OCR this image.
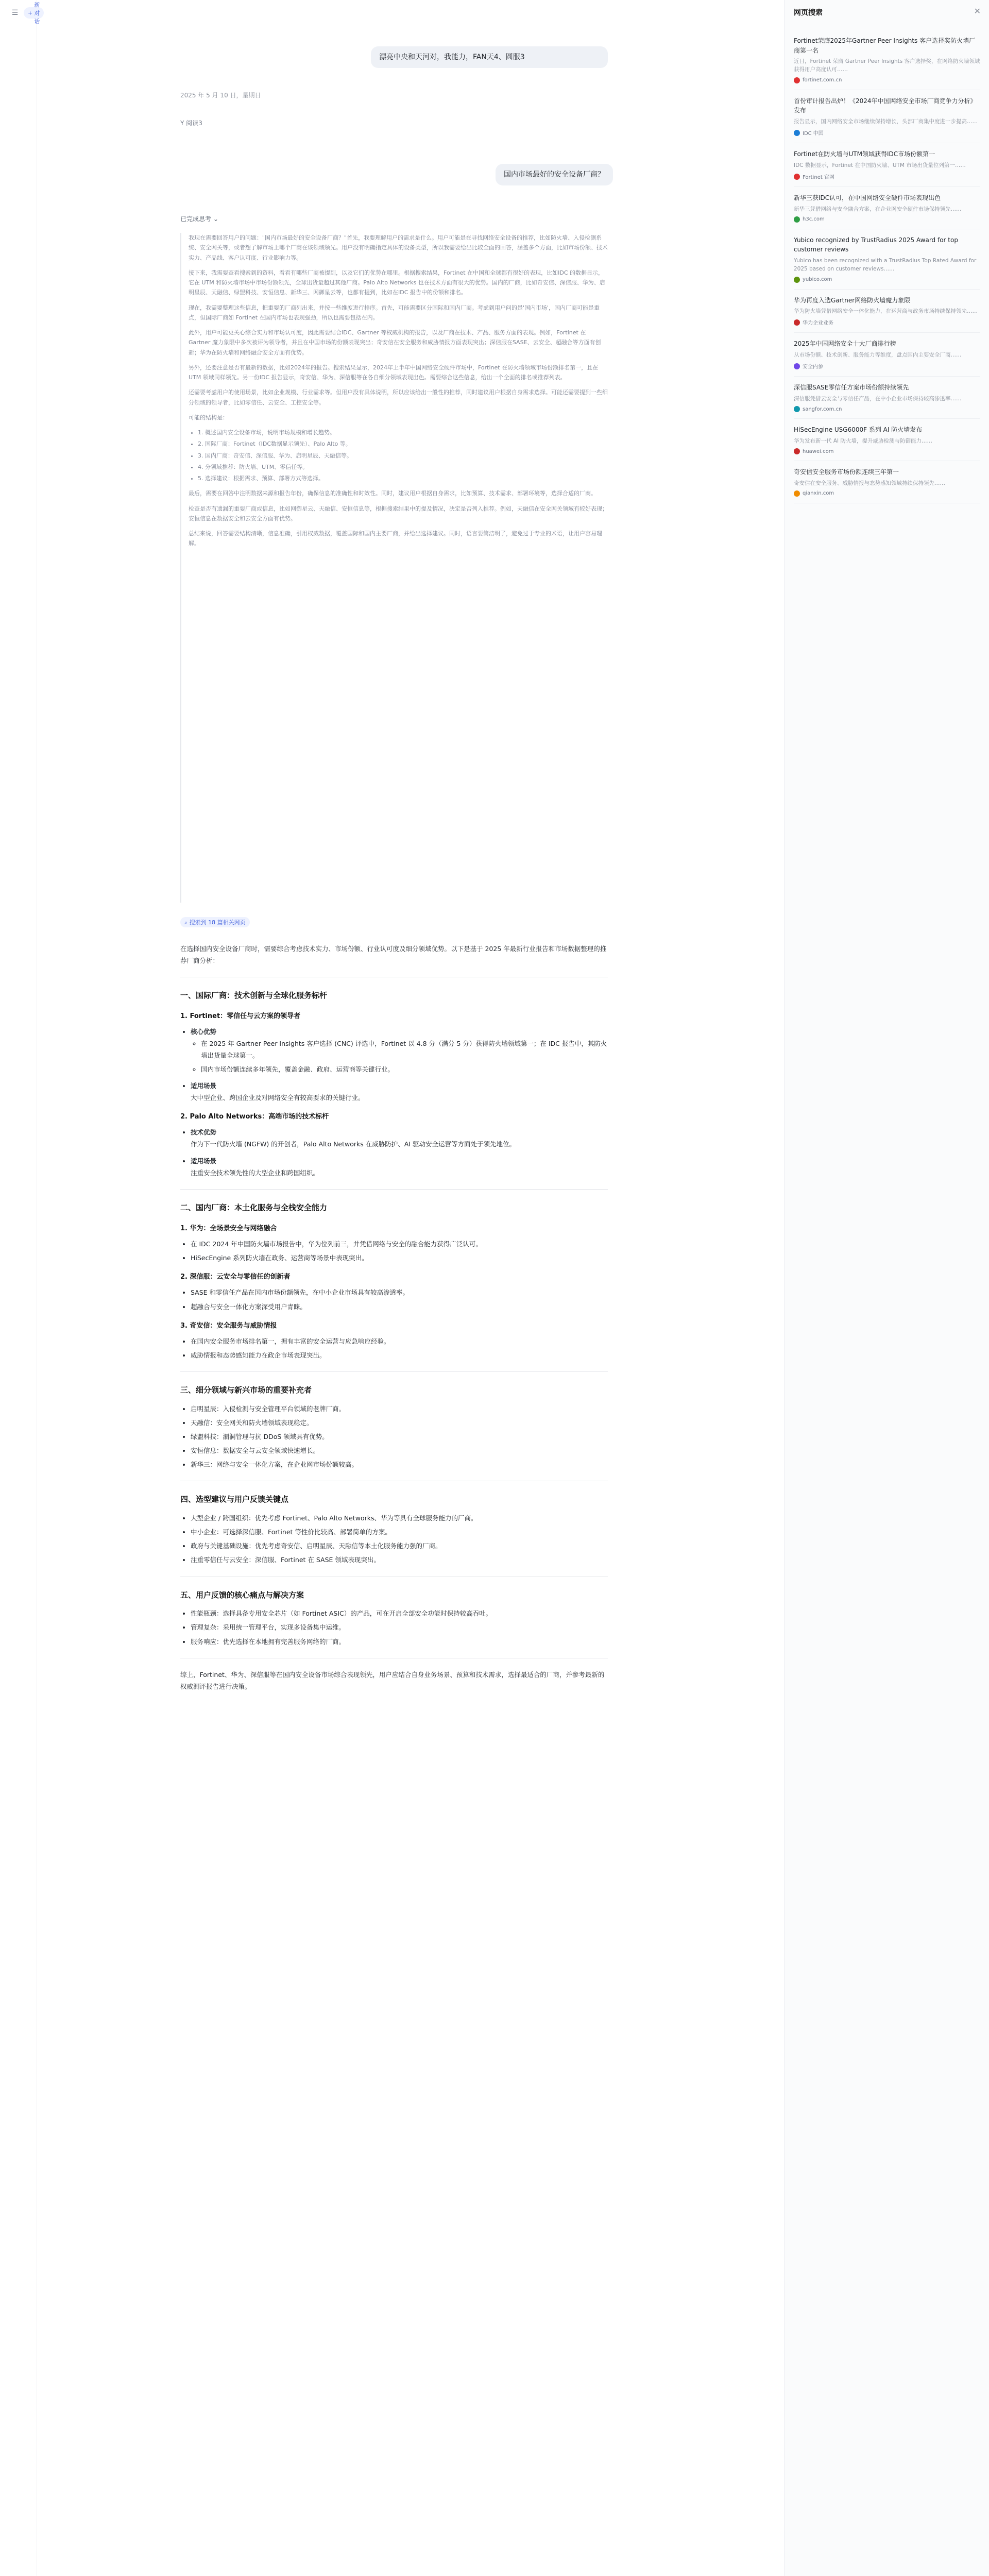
☰	+
新对话
漂亮中央和天河对，我能力，FAN天4、圆服3
2025 年 5 月 10 日，星期日
Y 阅读3
国内市场最好的安全设备厂商？
已完成思考 ⌄

我现在需要回答用户的问题："国内市场最好的安全设备厂商？"首先，我要理解用户的需求是什么。用户可能是在寻找网络安全设备的推荐，比如防火墙、入侵检测系统、安全网关等，或者想了解市场上哪个厂商在该领域领先。用户没有明确指定具体的设备类型，所以我需要给出比较全面的回答，涵盖多个方面，比如市场份额、技术实力、产品线、客户认可度、行业影响力等。

接下来，我需要查看搜索到的资料，看看有哪些厂商被提到，以及它们的优势在哪里。根据搜索结果，Fortinet 在中国和全球都有很好的表现，比如IDC 的数据显示，它在 UTM 和防火墙市场中市场份额领先，全球出货量超过其他厂商。Palo Alto Networks 也在技术方面有很大的优势。国内的厂商，比如奇安信、深信服、华为、启明星辰、天融信、绿盟科技、安恒信息、新华三、网御星云等，也都有提到，比如在IDC 报告中的份额和排名。

现在，我需要整理这些信息，把重要的厂商列出来，并按一些维度进行排序。首先，可能需要区分国际和国内厂商。考虑到用户问的是'国内市场'，国内厂商可能是重点，但国际厂商如 Fortinet 在国内市场也表现强劲，所以也需要包括在内。

此外，用户可能更关心综合实力和市场认可度，因此需要结合IDC、Gartner 等权威机构的报告，以及厂商在技术、产品、服务方面的表现。例如，Fortinet 在 Gartner 魔力象限中多次被评为领导者，并且在中国市场的份额表现突出；奇安信在安全服务和威胁情报方面表现突出；深信服在SASE、云安全、超融合等方面有创新；华为在防火墙和网络融合安全方面有优势。

另外，还要注意是否有最新的数据，比如2024年的报告。搜索结果显示，2024年上半年中国网络安全硬件市场中，Fortinet 在防火墙领域市场份额排名第一，且在UTM 领域同样领先。另一份IDC 报告显示，奇安信、华为、深信服等在各自细分领域表现出色。需要综合这些信息，给出一个全面的排名或推荐列表。

还需要考虑用户的使用场景，比如企业规模、行业需求等。但用户没有具体说明，所以应该给出一般性的推荐，同时建议用户根据自身需求选择。可能还需要提到一些细分领域的领导者，比如零信任、云安全、工控安全等。

可能的结构是：

• 1. 概述国内安全设备市场，说明市场规模和增长趋势。
• 2. 国际厂商：Fortinet（IDC数据显示领先）、Palo Alto 等。
• 3. 国内厂商：奇安信、深信服、华为、启明星辰、天融信等。
• 4. 分领域推荐：防火墙、UTM、零信任等。
• 5. 选择建议：根据需求、预算、部署方式等选择。

最后，需要在回答中注明数据来源和报告年份，确保信息的准确性和时效性。同时，建议用户根据自身需求，比如预算、技术需求、部署环境等，选择合适的厂商。

检查是否有遗漏的重要厂商或信息，比如网御星云、天融信、安恒信息等，根据搜索结果中的提及情况，决定是否列入推荐。例如，天融信在安全网关领域有较好表现；安恒信息在数据安全和云安全方面有优势。

总结来说，回答需要结构清晰，信息准确，引用权威数据，覆盖国际和国内主要厂商，并给出选择建议。同时，语言要简洁明了，避免过于专业的术语，让用户容易理解。

⌕ 搜索到 18 篇相关网页

在选择国内安全设备厂商时，需要综合考虑技术实力、市场份额、行业认可度及细分领域优势。以下是基于 2025 年最新行业报告和市场数据整理的推荐厂商分析：

一、国际厂商：技术创新与全球化服务标杆
1. Fortinet：零信任与云方案的领导者
• 核心优势
◦ 在 2025 年 Gartner Peer Insights 客户选择 (CNC) 评选中，Fortinet 以 4.8 分（满分 5 分）获得防火墙领域第一；在 IDC 报告中，其防火墙出货量全球第一。
◦ 国内市场份额连续多年领先，覆盖金融、政府、运营商等关键行业。
• 适用场景

大中型企业、跨国企业及对网络安全有较高要求的关键行业。

2. Palo Alto Networks：高端市场的技术标杆
• 技术优势

作为下一代防火墙 (NGFW) 的开创者，Palo Alto Networks 在威胁防护、AI 驱动安全运营等方面处于领先地位。

• 适用场景

注重安全技术领先性的大型企业和跨国组织。

二、国内厂商：本土化服务与全栈安全能力
1. 华为：全场景安全与网络融合
• 在 IDC 2024 年中国防火墙市场报告中，华为位列前三，并凭借网络与安全的融合能力获得广泛认可。
• HiSecEngine 系列防火墙在政务、运营商等场景中表现突出。
2. 深信服：云安全与零信任的创新者
• SASE 和零信任产品在国内市场份额领先，在中小企业市场具有较高渗透率。
• 超融合与安全一体化方案深受用户青睐。
3. 奇安信：安全服务与威胁情报
• 在国内安全服务市场排名第一，拥有丰富的安全运营与应急响应经验。
• 威胁情报和态势感知能力在政企市场表现突出。
三、细分领域与新兴市场的重要补充者
• 启明星辰：入侵检测与安全管理平台领域的老牌厂商。
• 天融信：安全网关和防火墙领域表现稳定。
• 绿盟科技：漏洞管理与抗 DDoS 领域具有优势。
• 安恒信息：数据安全与云安全领域快速增长。
• 新华三：网络与安全一体化方案，在企业网市场份额较高。
四、选型建议与用户反馈关键点
• 大型企业 / 跨国组织：优先考虑 Fortinet、Palo Alto Networks、华为等具有全球服务能力的厂商。
• 中小企业：可选择深信服、Fortinet 等性价比较高、部署简单的方案。
• 政府与关键基础设施：优先考虑奇安信、启明星辰、天融信等本土化服务能力强的厂商。
• 注重零信任与云安全：深信服、Fortinet 在 SASE 领域表现突出。
五、用户反馈的核心痛点与解决方案
• 性能瓶颈：选择具备专用安全芯片（如 Fortinet ASIC）的产品，可在开启全部安全功能时保持较高吞吐。
• 管理复杂：采用统一管理平台，实现多设备集中运维。
• 服务响应：优先选择在本地拥有完善服务网络的厂商。

综上，Fortinet、华为、深信服等在国内安全设备市场综合表现领先，用户应结合自身业务场景、预算和技术需求，选择最适合的厂商，并参考最新的权威测评报告进行决策。

网页搜索	✕
Fortinet荣膺2025年Gartner Peer Insights 客户选择奖防火墙厂商第一名
近日，Fortinet 荣膺 Gartner Peer Insights 客户选择奖，在网络防火墙领域获得用户高度认可……
fortinet.com.cn
首份审计报告出炉！《2024年中国网络安全市场厂商竞争力分析》发布
报告显示，国内网络安全市场继续保持增长，头部厂商集中度进一步提高……
IDC 中国
Fortinet在防火墙与UTM领域获得IDC市场份额第一
IDC 数据显示，Fortinet 在中国防火墙、UTM 市场出货量位列第一……
Fortinet 官网
新华三获IDC认可，在中国网络安全硬件市场表现出色
新华三凭借网络与安全融合方案，在企业网安全硬件市场保持领先……
h3c.com
Yubico recognized by TrustRadius 2025 Award for top customer reviews
Yubico has been recognized with a TrustRadius Top Rated Award for 2025 based on customer reviews……
yubico.com
华为再度入选Gartner网络防火墙魔力象限
华为防火墙凭借网络安全一体化能力，在运营商与政务市场持续保持领先……
华为企业业务
2025年中国网络安全十大厂商排行榜
从市场份额、技术创新、服务能力等维度，盘点国内主要安全厂商……
安全内参
深信服SASE零信任方案市场份额持续领先
深信服凭借云安全与零信任产品，在中小企业市场保持较高渗透率……
sangfor.com.cn
HiSecEngine USG6000F 系列 AI 防火墙发布
华为发布新一代 AI 防火墙，提升威胁检测与防御能力……
huawei.com
奇安信安全服务市场份额连续三年第一
奇安信在安全服务、威胁情报与态势感知领域持续保持领先……
qianxin.com
